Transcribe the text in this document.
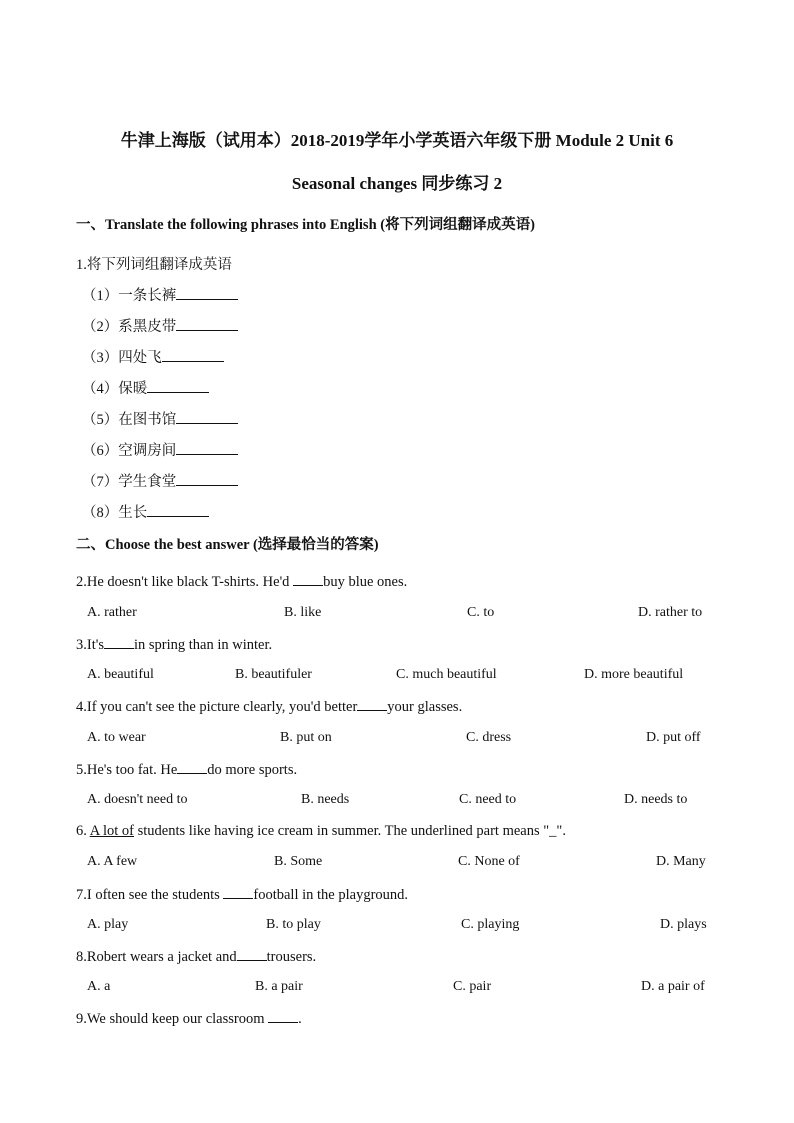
牛津上海版（试用本）2018-2019学年小学英语六年级下册 Module 2 Unit 6
Seasonal changes 同步练习 2
一、Translate the following phrases into English (将下列词组翻译成英语)
1.将下列词组翻译成英语
（1）一条长裤
（2）系黑皮带
（3）四处飞
（4）保暖
（5）在图书馆
（6）空调房间
（7）学生食堂
（8）生长
二、Choose the best answer (选择最恰当的答案)
2.He doesn't like black T-shirts. He'd buy blue ones.
A. rather	B. like	C. to	D. rather to
3.It's in spring than in winter.
A. beautiful	B. beautifuler	C. much beautiful	D. more beautiful
4.If you can't see the picture clearly, you'd better your glasses.
A. to wear	B. put on	C. dress	D. put off
5.He's too fat. He do more sports.
A. doesn't need to	B. needs	C. need to	D. needs to
6. A lot of students like having ice cream in summer. The underlined part means "_".
A. A few	B. Some	C. None of	D. Many
7.I often see the students football in the playground.
A. play	B. to play	C. playing	D. plays
8.Robert wears a jacket and trousers.
A. a	B. a pair	C. pair	D. a pair of
9.We should keep our classroom .
